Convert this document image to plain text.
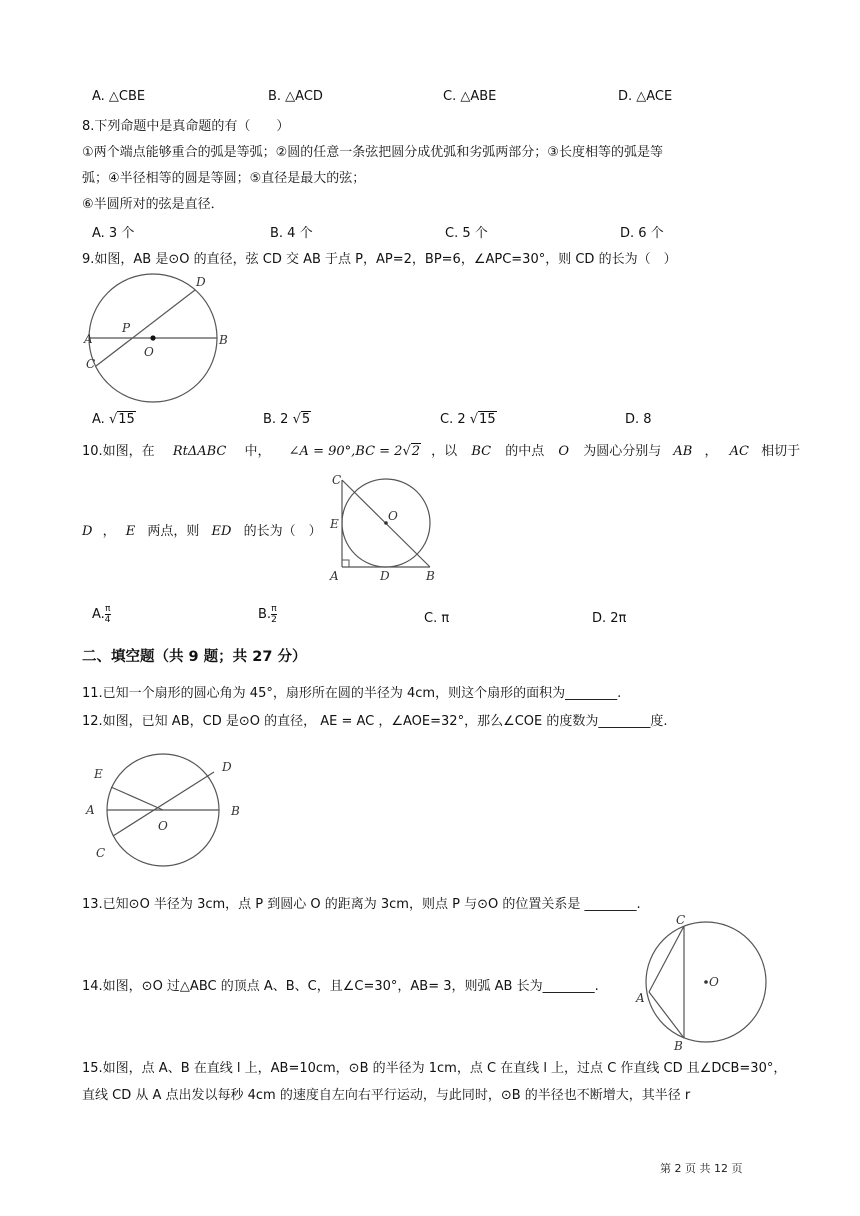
A. △CBE	B. △ACD	C. △ABE	D. △ACE
8.下列命题中是真命题的有（　　）
①两个端点能够重合的弧是等弧；②圆的任意一条弦把圆分成优弧和劣弧两部分；③长度相等的弧是等
弧；④半径相等的圆是等圆；⑤直径是最大的弦；
⑥半圆所对的弦是直径．
A. 3 个	B. 4 个	C. 5 个	D. 6 个
9.如图，AB 是⊙O 的直径，弦 CD 交 AB 于点 P，AP=2，BP=6，∠APC=30°，则 CD 的长为（　）
A	B
C
D
P
O
A. √15	B. 2 √5	C. 2 √15	D. 8
10.如图，在 RtΔABC 中， ∠A = 90°,BC = 2√2 ，以 BC 的中点 O 为圆心分别与 AB ， AC 相切于
D ， E 两点，则 ED 的长为（　）
C
E
A	D	B
O
A. $\frac{\pi}{4}$	B. $\frac{\pi}{2}$	C. π	D. 2π
二、填空题（共 9 题；共 27 分）
11.已知一个扇形的圆心角为 45°，扇形所在圆的半径为 4cm，则这个扇形的面积为________.
12.如图，已知 AB，CD 是⊙O 的直径， AE = AC ，∠AOE=32°，那么∠COE 的度数为________度.
E
A
C
D
B
O
13.已知⊙O 半径为 3cm，点 P 到圆心 O 的距离为 3cm，则点 P 与⊙O 的位置关系是 ________.
14.如图，⊙O 过△ABC 的顶点 A、B、C，且∠C=30°，AB= 3，则弧 AB 长为________.
C
A
B
O
15.如图，点 A、B 在直线 l 上，AB=10cm，⊙B 的半径为 1cm，点 C 在直线 l 上，过点 C 作直线 CD 且∠DCB=30°，
直线 CD 从 A 点出发以每秒 4cm 的速度自左向右平行运动，与此同时，⊙B 的半径也不断增大，其半径 r
第 2 页 共 12 页
